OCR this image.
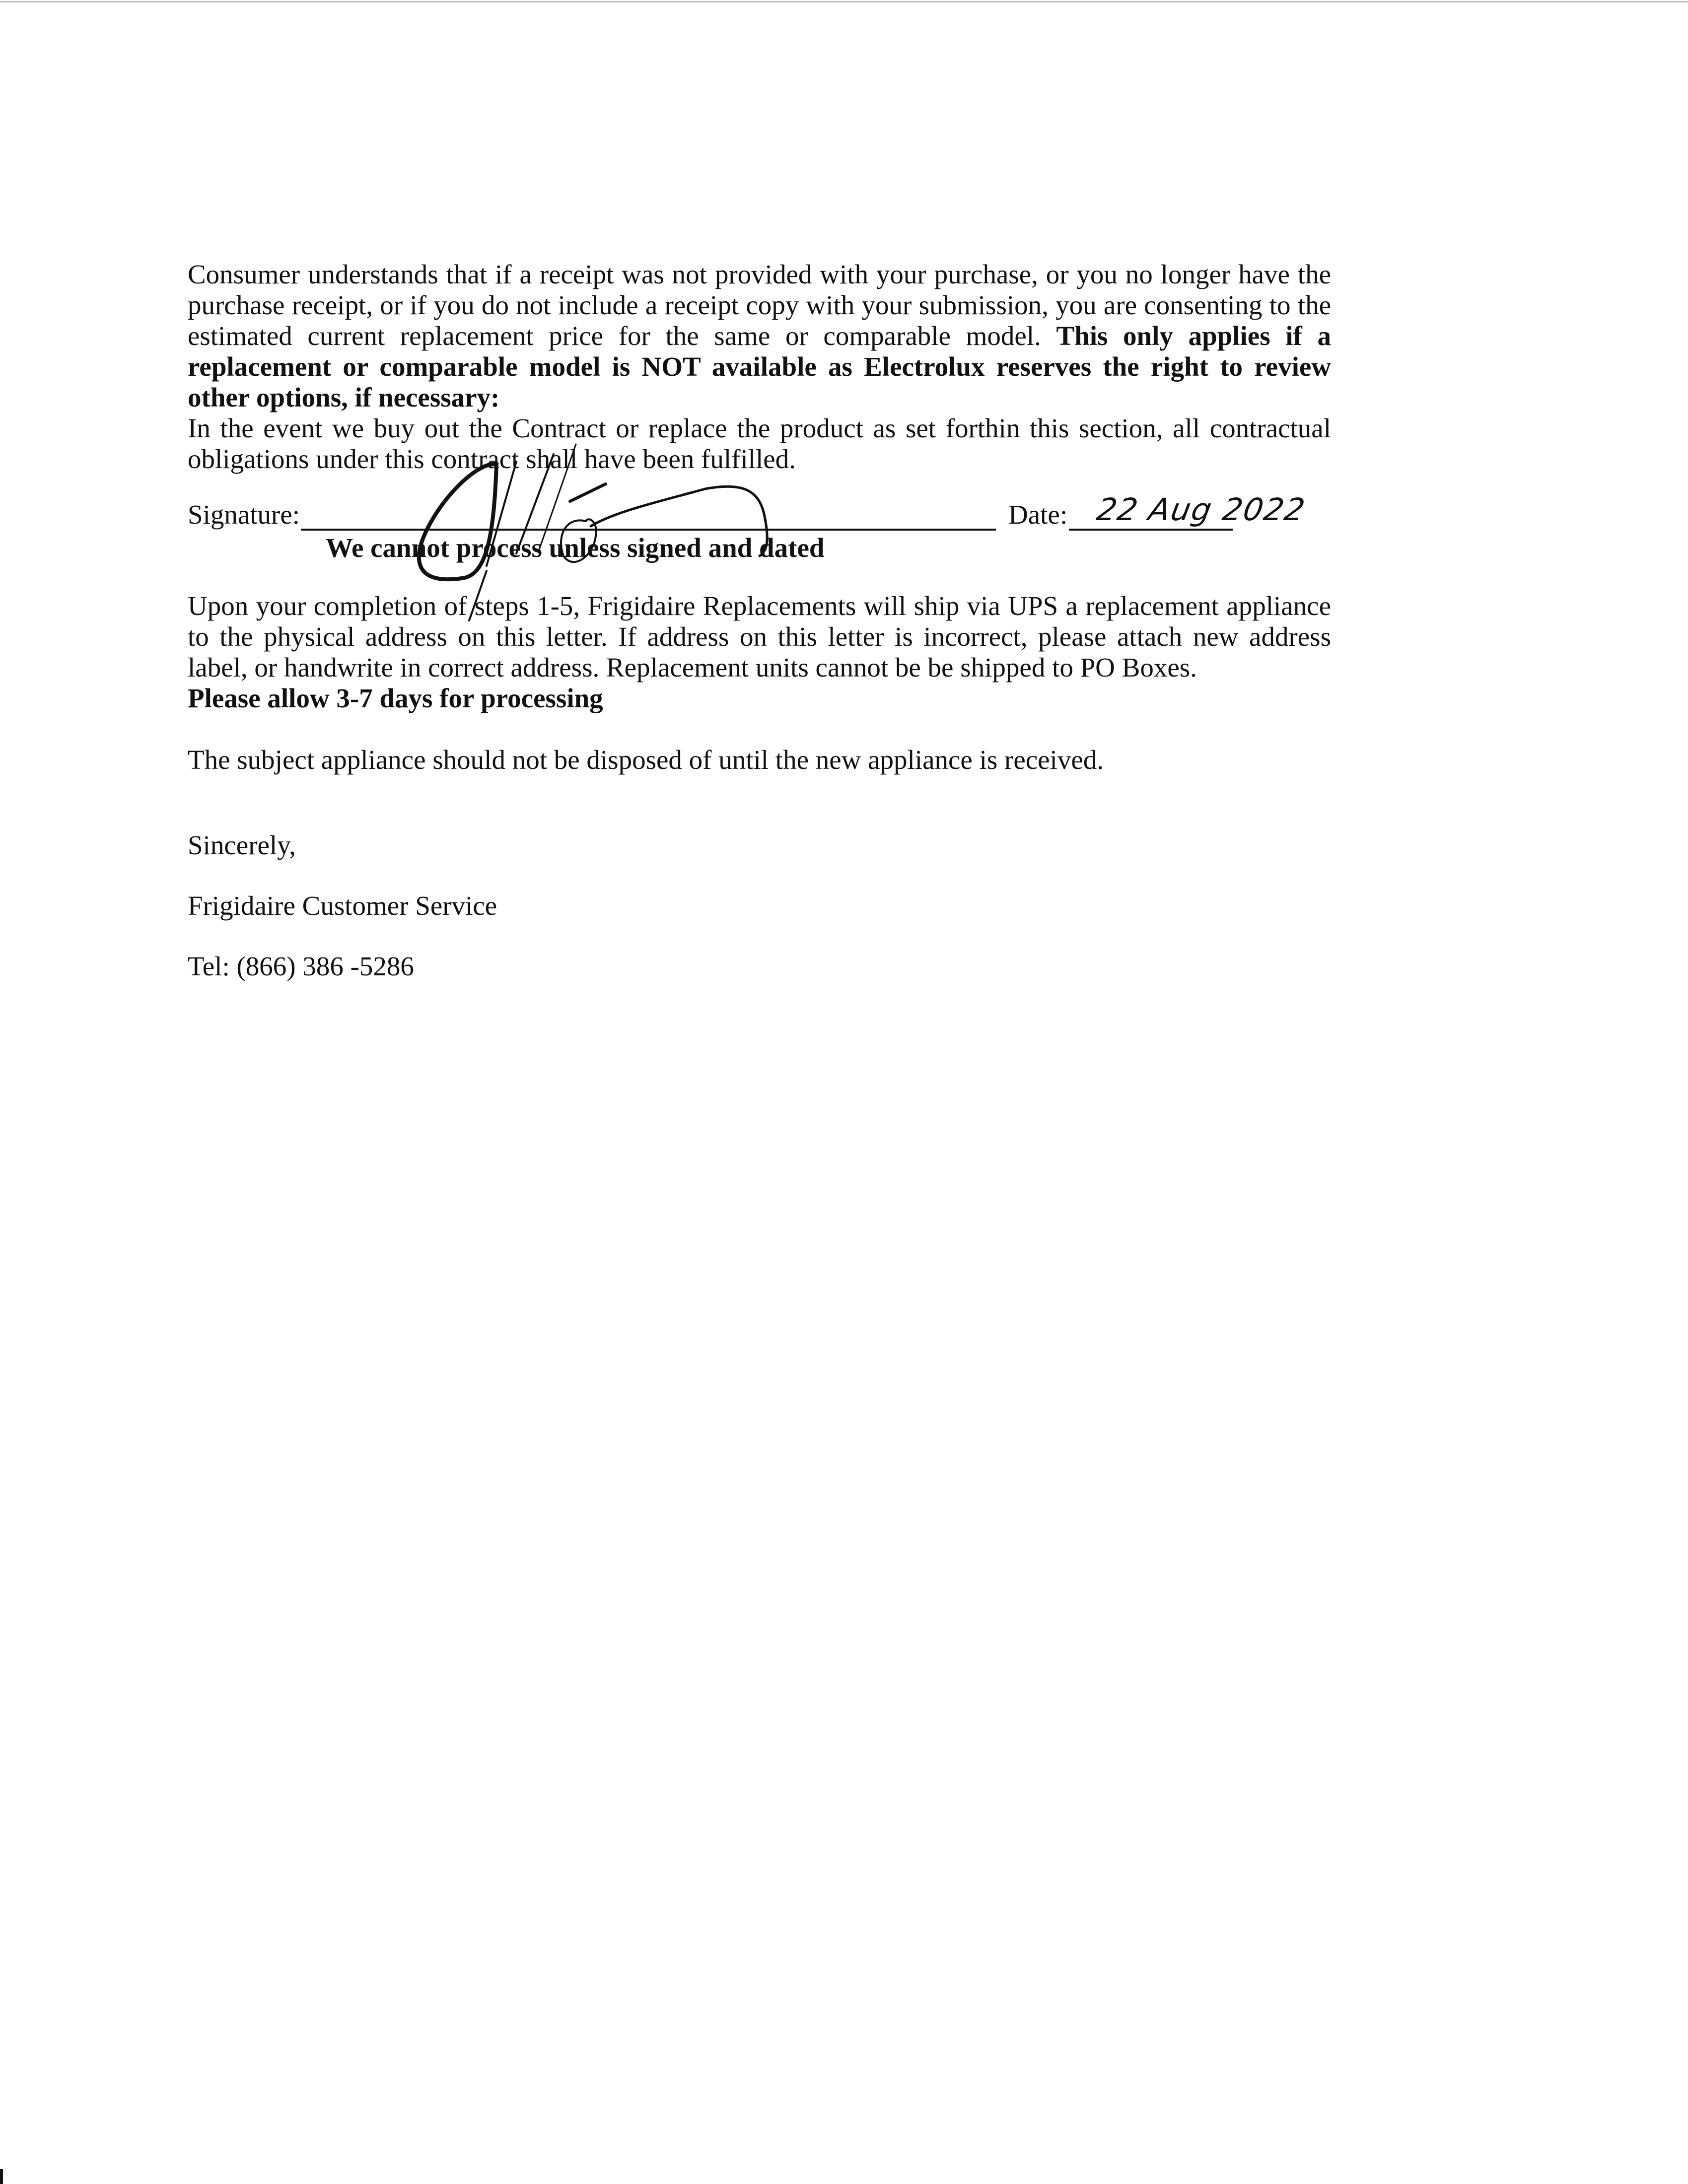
Consumer understands that if a receipt was not provided with your purchase, or you no longer have the purchase receipt, or if you do not include a receipt copy with your submission, you are consenting to the estimated current replacement price for the same or comparable model. This only applies if a replacement or comparable model is NOT available as Electrolux reserves the right to review other options, if necessary:

In the event we buy out the Contract or replace the product as set forthin this section, all contractual obligations under this contract shall have been fulfilled.

Signature:	Date: 22 Aug 2022
We cannot process unless signed and dated

Upon your completion of steps 1-5, Frigidaire Replacements will ship via UPS a replacement appliance to the physical address on this letter. If address on this letter is incorrect, please attach new address label, or handwrite in correct address. Replacement units cannot be be shipped to PO Boxes.
Please allow 3-7 days for processing

The subject appliance should not be disposed of until the new appliance is received.
Sincerely,
Frigidaire Customer Service
Tel: (866) 386 -5286
